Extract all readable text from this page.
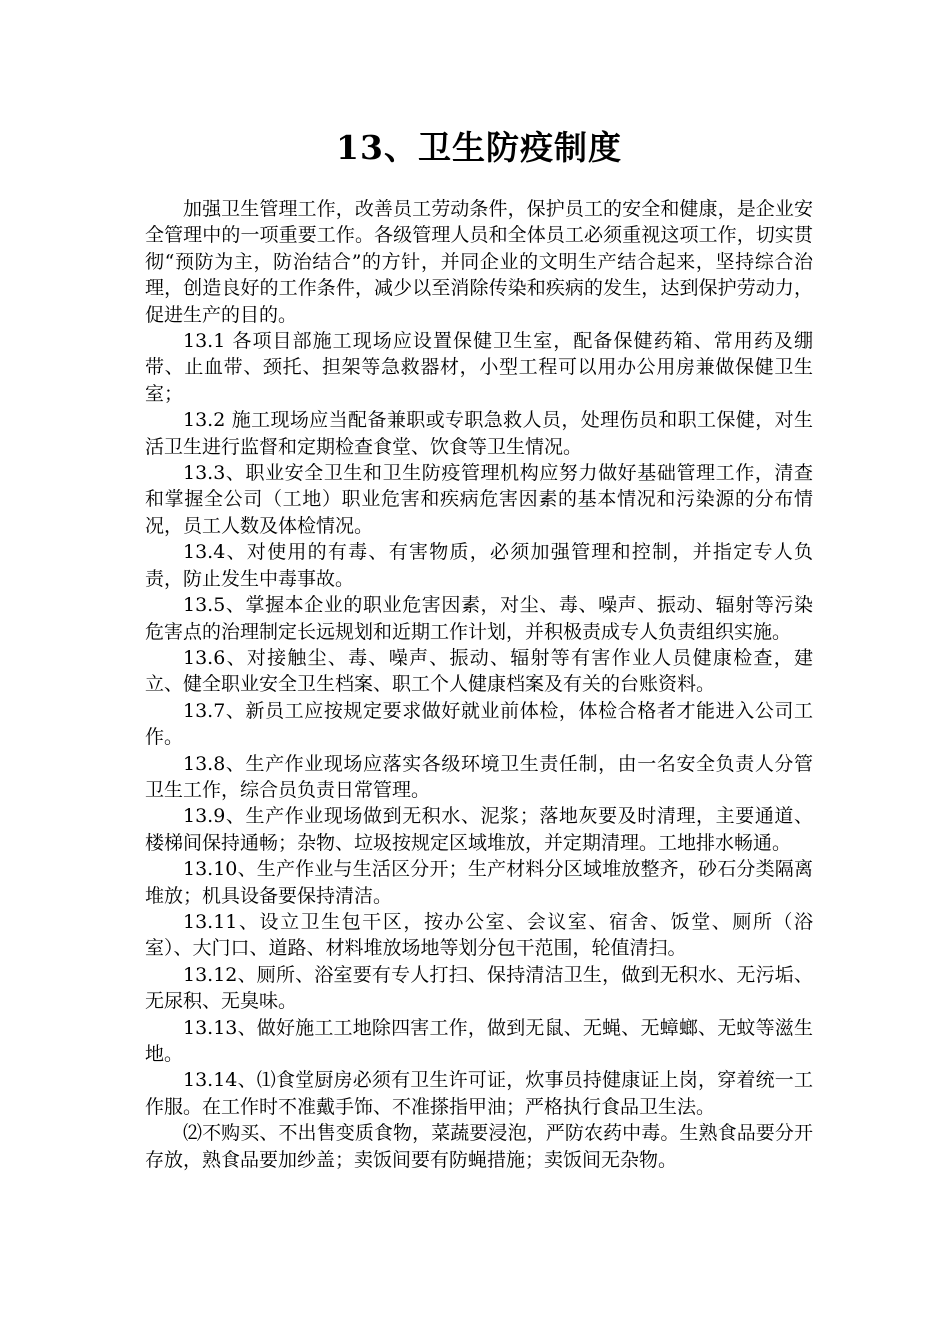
13、卫生防疫制度

加强卫生管理工作，改善员工劳动条件，保护员工的安全和健康，是企业安全管理中的一项重要工作。各级管理人员和全体员工必须重视这项工作，切实贯彻“预防为主，防治结合”的方针，并同企业的文明生产结合起来，坚持综合治理，创造良好的工作条件，减少以至消除传染和疾病的发生，达到保护劳动力，促进生产的目的。

13.1 各项目部施工现场应设置保健卫生室，配备保健药箱、常用药及绷带、止血带、颈托、担架等急救器材，小型工程可以用办公用房兼做保健卫生室；

13.2 施工现场应当配备兼职或专职急救人员，处理伤员和职工保健，对生活卫生进行监督和定期检查食堂、饮食等卫生情况。

13.3、职业安全卫生和卫生防疫管理机构应努力做好基础管理工作，清查和掌握全公司（工地）职业危害和疾病危害因素的基本情况和污染源的分布情况，员工人数及体检情况。

13.4、对使用的有毒、有害物质，必须加强管理和控制，并指定专人负责，防止发生中毒事故。

13.5、掌握本企业的职业危害因素，对尘、毒、噪声、振动、辐射等污染危害点的治理制定长远规划和近期工作计划，并积极责成专人负责组织实施。

13.6、对接触尘、毒、噪声、振动、辐射等有害作业人员健康检查，建立、健全职业安全卫生档案、职工个人健康档案及有关的台账资料。

13.7、新员工应按规定要求做好就业前体检，体检合格者才能进入公司工作。

13.8、生产作业现场应落实各级环境卫生责任制，由一名安全负责人分管卫生工作，综合员负责日常管理。

13.9、生产作业现场做到无积水、泥浆；落地灰要及时清理，主要通道、楼梯间保持通畅；杂物、垃圾按规定区域堆放，并定期清理。工地排水畅通。

13.10、生产作业与生活区分开；生产材料分区域堆放整齐，砂石分类隔离堆放；机具设备要保持清洁。

13.11、设立卫生包干区，按办公室、会议室、宿舍、饭堂、厕所（浴室）、大门口、道路、材料堆放场地等划分包干范围，轮值清扫。

13.12、厕所、浴室要有专人打扫、保持清洁卫生，做到无积水、无污垢、无尿积、无臭味。

13.13、做好施工工地除四害工作，做到无鼠、无蝇、无蟑螂、无蚊等滋生地。

13.14、⑴食堂厨房必须有卫生许可证，炊事员持健康证上岗，穿着统一工作服。在工作时不准戴手饰、不准搽指甲油；严格执行食品卫生法。

⑵不购买、不出售变质食物，菜蔬要浸泡，严防农药中毒。生熟食品要分开存放，熟食品要加纱盖；卖饭间要有防蝇措施；卖饭间无杂物。
